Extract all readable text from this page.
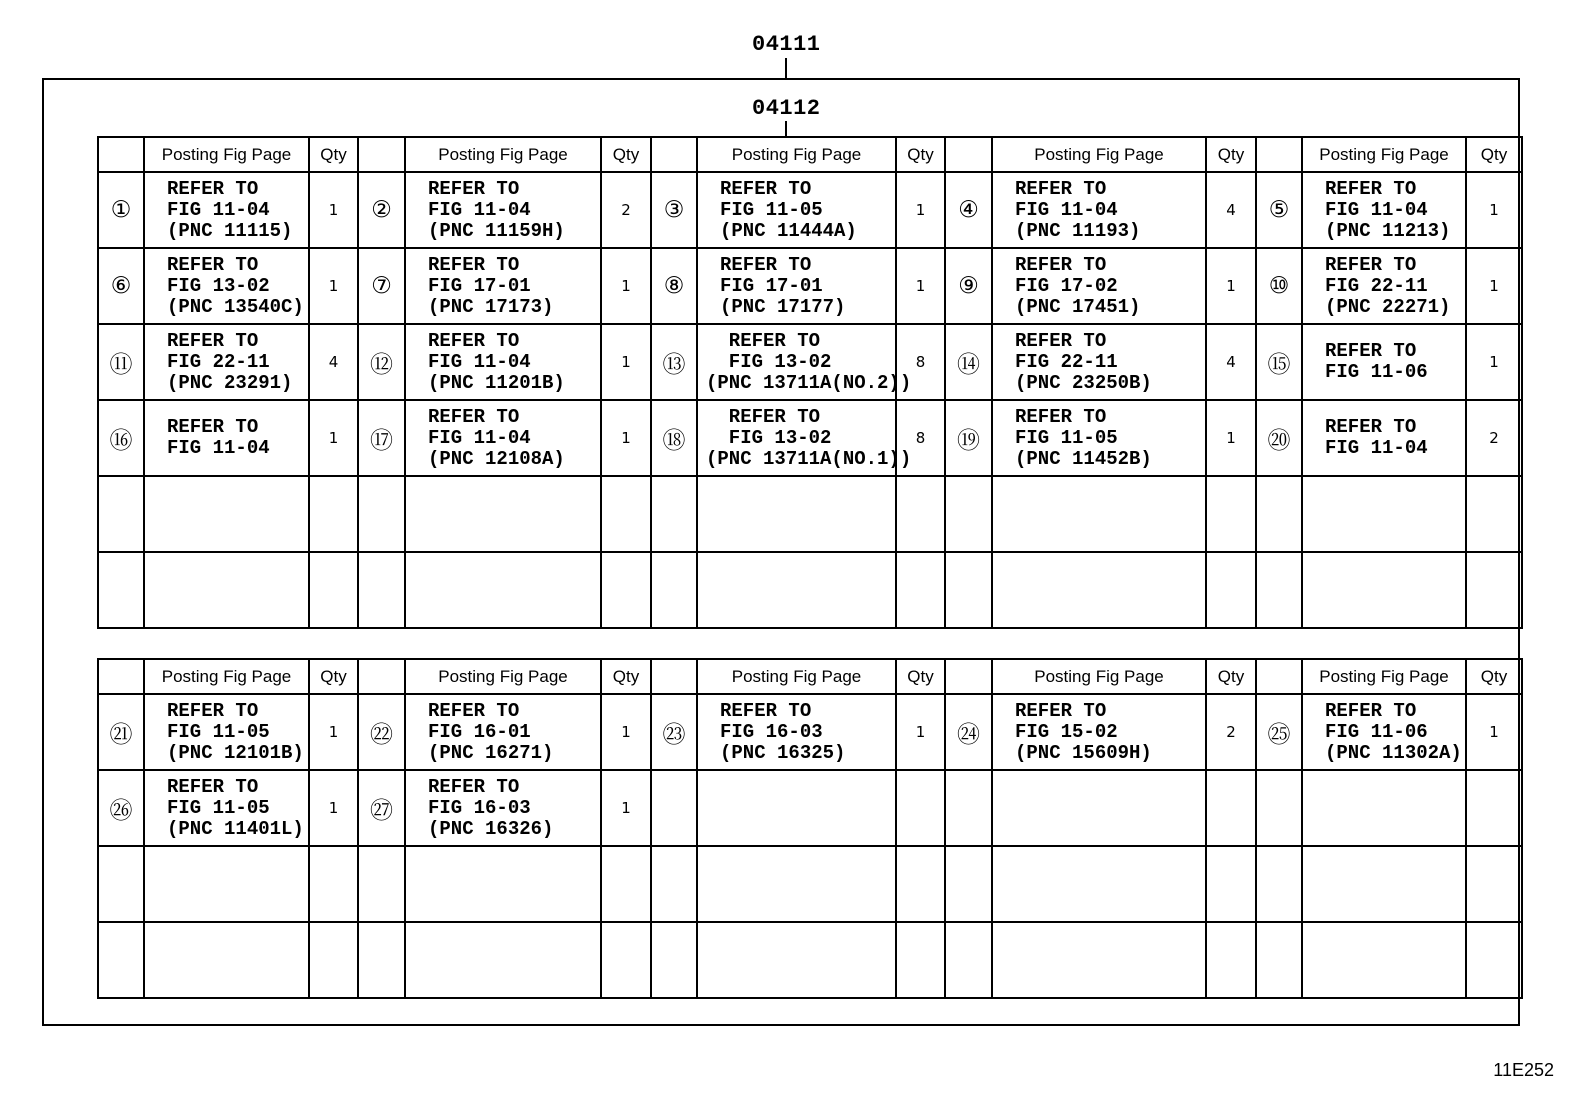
04111
04112
	Posting Fig Page	Qty		Posting Fig Page	Qty		Posting Fig Page	Qty		Posting Fig Page	Qty		Posting Fig Page	Qty
①	REFER TO
FIG 11-04
(PNC 11115)	1	②	REFER TO
FIG 11-04
(PNC 11159H)	2	③	REFER TO
FIG 11-05
(PNC 11444A)	1	④	REFER TO
FIG 11-04
(PNC 11193)	4	⑤	REFER TO
FIG 11-04
(PNC 11213)	1
⑥	REFER TO
FIG 13-02
(PNC 13540C)	1	⑦	REFER TO
FIG 17-01
(PNC 17173)	1	⑧	REFER TO
FIG 17-01
(PNC 17177)	1	⑨	REFER TO
FIG 17-02
(PNC 17451)	1	⑩	REFER TO
FIG 22-11
(PNC 22271)	1
⑪	REFER TO
FIG 22-11
(PNC 23291)	4	⑫	REFER TO
FIG 11-04
(PNC 11201B)	1	⑬	REFER TO
FIG 13-02
(PNC 13711A(NO.2))	8	⑭	REFER TO
FIG 22-11
(PNC 23250B)	4	⑮	REFER TO
FIG 11-06	1
⑯	REFER TO
FIG 11-04	1	⑰	REFER TO
FIG 11-04
(PNC 12108A)	1	⑱	REFER TO
FIG 13-02
(PNC 13711A(NO.1))	8	⑲	REFER TO
FIG 11-05
(PNC 11452B)	1	⑳	REFER TO
FIG 11-04	2

	Posting Fig Page	Qty		Posting Fig Page	Qty		Posting Fig Page	Qty		Posting Fig Page	Qty		Posting Fig Page	Qty
㉑	REFER TO
FIG 11-05
(PNC 12101B)	1	㉒	REFER TO
FIG 16-01
(PNC 16271)	1	㉓	REFER TO
FIG 16-03
(PNC 16325)	1	㉔	REFER TO
FIG 15-02
(PNC 15609H)	2	㉕	REFER TO
FIG 11-06
(PNC 11302A)	1
㉖	REFER TO
FIG 11-05
(PNC 11401L)	1	㉗	REFER TO
FIG 16-03
(PNC 16326)	1									

11E252
